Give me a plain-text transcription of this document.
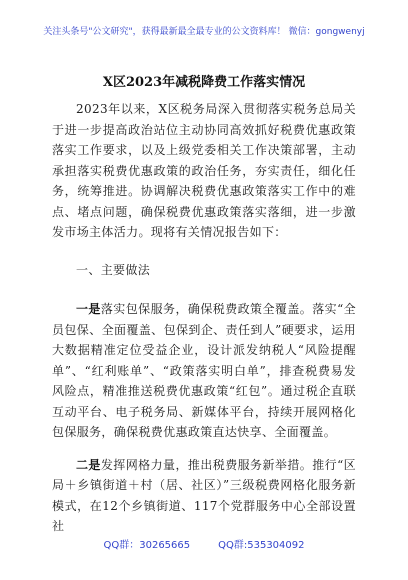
关注头条号"公文研究"，获得最新最全最专业的公文资料库！ 微信：gongwenyj
X区2023年减税降费工作落实情况

2023年以来，X区税务局深入贯彻落实税务总局关于进一步提高政治站位主动协同高效抓好税费优惠政策落实工作要求，以及上级党委相关工作决策部署，主动承担落实税费优惠政策的政治任务，夯实责任，细化任务，统筹推进。协调解决税费优惠政策落实工作中的难点、堵点问题，确保税费优惠政策落实落细，进一步激发市场主体活力。现将有关情况报告如下：

一、主要做法

一是落实包保服务，确保税费政策全覆盖。落实“全员包保、全面覆盖、包保到企、责任到人”硬要求，运用大数据精准定位受益企业，设计派发纳税人“风险提醒单”、“红利账单”、“政策落实明白单”，排查税费易发风险点，精准推送税费优惠政策“红包”。通过税企直联互动平台、电子税务局、新媒体平台，持续开展网格化包保服务，确保税费优惠政策直达快享、全面覆盖。

二是发挥网格力量，推出税费服务新举措。推行“区局＋乡镇街道＋村（居、社区）”三级税费网格化服务新模式，在12个乡镇街道、117个党群服务中心全部设置社

QQ群：30265665	QQ群:535304092
